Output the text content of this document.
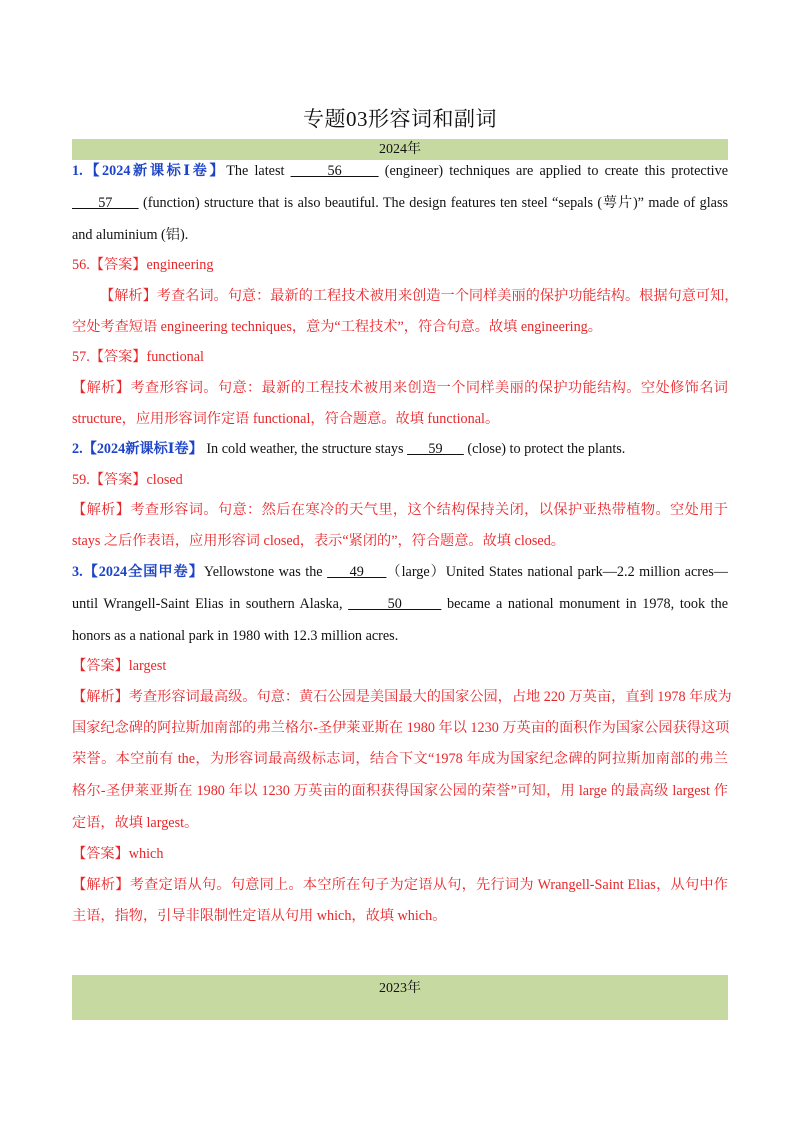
专题03形容词和副词
2024年
1.【2024新课标Ⅰ卷】The latest       56       (engineer) techniques are applied to create this protective
57       (function) structure that is also beautiful. The design features ten steel “sepals (萼片)” made of glass
and aluminium (铝).
56.【答案】engineering
【解析】考查名词。句意：最新的工程技术被用来创造一个同样美丽的保护功能结构。根据句意可知，
空处考查短语 engineering techniques，意为“工程技术”，符合句意。故填 engineering。
57.【答案】functional
【解析】考查形容词。句意：最新的工程技术被用来创造一个同样美丽的保护功能结构。空处修饰名词
structure，应用形容词作定语 functional，符合题意。故填 functional。
2.【2024新课标Ⅰ卷】 In cold weather, the structure stays       59       (close) to protect the plants.
59.【答案】closed
【解析】考查形容词。句意：然后在寒冷的天气里，这个结构保持关闭，以保护亚热带植物。空处用于
stays 之后作表语，应用形容词 closed，表示“紧闭的”，符合题意。故填 closed。
3.【2024全国甲卷】Yellowstone was the      49     （large）United States national park—2.2 million acres—
until Wrangell-Saint Elias in southern Alaska,        50        became a national monument in 1978, took the
honors as a national park in 1980 with 12.3 million acres.
【答案】largest
【解析】考查形容词最高级。句意：黄石公园是美国最大的国家公园，占地 220 万英亩，直到 1978 年成为
国家纪念碑的阿拉斯加南部的弗兰格尔-圣伊莱亚斯在 1980 年以 1230 万英亩的面积作为国家公园获得这项
荣誉。本空前有 the，为形容词最高级标志词，结合下文“1978 年成为国家纪念碑的阿拉斯加南部的弗兰
格尔-圣伊莱亚斯在 1980 年以 1230 万英亩的面积获得国家公园的荣誉”可知，用 large 的最高级 largest 作
定语，故填 largest。
【答案】which
【解析】考查定语从句。句意同上。本空所在句子为定语从句，先行词为 Wrangell-Saint Elias，从句中作
主语，指物，引导非限制性定语从句用 which，故填 which。
2023年
